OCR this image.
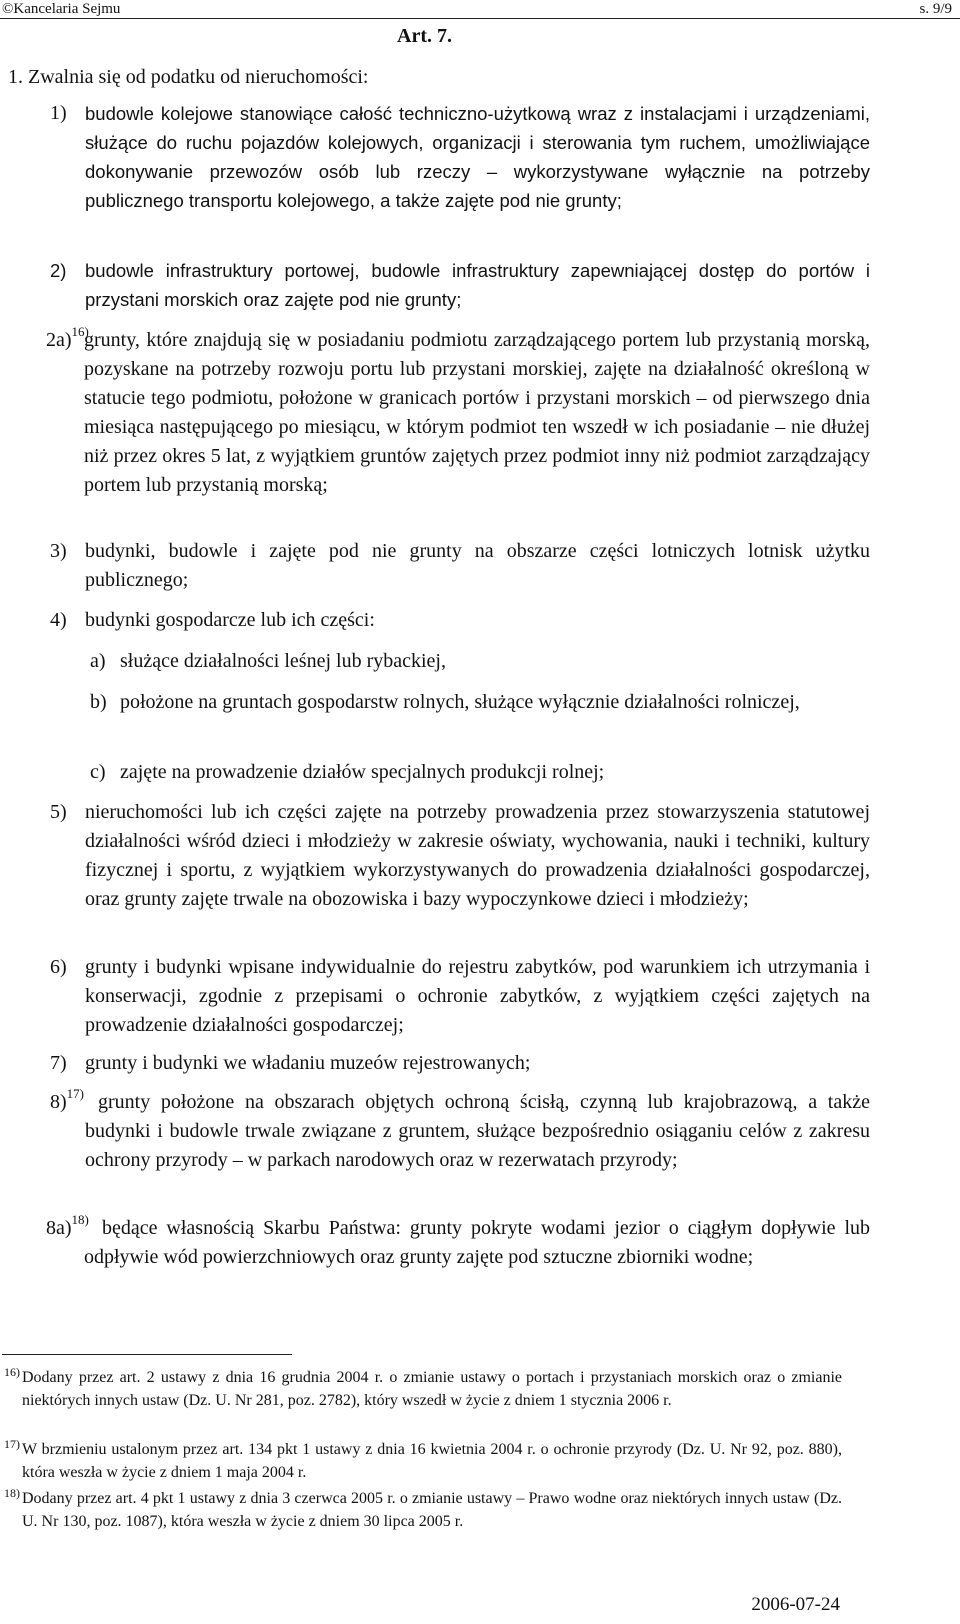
©Kancelaria Sejmu	s. 9/9
Art. 7.
1. Zwalnia się od podatku od nieruchomości:
1) budowle kolejowe stanowiące całość techniczno-użytkową wraz z instalacjami i urządzeniami, służące do ruchu pojazdów kolejowych, organizacji i sterowania tym ruchem, umożliwiające dokonywanie przewozów osób lub rzeczy – wykorzystywane wyłącznie na potrzeby publicznego transportu kolejowego, a także zajęte pod nie grunty;
2)	budowle infrastruktury portowej, budowle infrastruktury zapewniającej dostęp do portów i przystani morskich oraz zajęte pod nie grunty;
2a)$^{16)}$
grunty, które znajdują się w posiadaniu podmiotu zarządzającego portem lub przystanią morską, pozyskane na potrzeby rozwoju portu lub przystani morskiej, zajęte na działalność określoną w statucie tego podmiotu, położone w granicach portów i przystani morskich – od pierwszego dnia miesiąca następującego po miesiącu, w którym podmiot ten wszedł w ich posiadanie – nie dłużej niż przez okres 5 lat, z wyjątkiem gruntów zajętych przez podmiot inny niż podmiot zarządzający portem lub przystanią morską;
3) budynki, budowle i zajęte pod nie grunty na obszarze części lotniczych lotnisk użytku publicznego;
4) budynki gospodarcze lub ich części:
a) służące działalności leśnej lub rybackiej,
b) położone na gruntach gospodarstw rolnych, służące wyłącznie działalności rolniczej,
c) zajęte na prowadzenie działów specjalnych produkcji rolnej;
5) nieruchomości lub ich części zajęte na potrzeby prowadzenia przez stowarzyszenia statutowej działalności wśród dzieci i młodzieży w zakresie oświaty, wychowania, nauki i techniki, kultury fizycznej i sportu, z wyjątkiem wykorzystywanych do prowadzenia działalności gospodarczej, oraz grunty zajęte trwale na obozowiska i bazy wypoczynkowe dzieci i młodzieży;
6) grunty i budynki wpisane indywidualnie do rejestru zabytków, pod warunkiem ich utrzymania i konserwacji, zgodnie z przepisami o ochronie zabytków, z wyjątkiem części zajętych na prowadzenie działalności gospodarczej;
7) grunty i budynki we władaniu muzeów rejestrowanych;
8)$^{17)}$ grunty położone na obszarach objętych ochroną ścisłą, czynną lub krajobrazową, a także budynki i budowle trwale związane z gruntem, służące bezpośrednio osiąganiu celów z zakresu ochrony przyrody – w parkach narodowych oraz w rezerwatach przyrody;
8a)$^{18)}$ będące własnością Skarbu Państwa: grunty pokryte wodami jezior o ciągłym dopływie lub odpływie wód powierzchniowych oraz grunty zajęte pod sztuczne zbiorniki wodne;
16) Dodany przez art. 2 ustawy z dnia 16 grudnia 2004 r. o zmianie ustawy o portach i przystaniach morskich oraz o zmianie niektórych innych ustaw (Dz. U. Nr 281, poz. 2782), który wszedł w życie z dniem 1 stycznia 2006 r.
17) W brzmieniu ustalonym przez art. 134 pkt 1 ustawy z dnia 16 kwietnia 2004 r. o ochronie przyrody (Dz. U. Nr 92, poz. 880), która weszła w życie z dniem 1 maja 2004 r.
18) Dodany przez art. 4 pkt 1 ustawy z dnia 3 czerwca 2005 r. o zmianie ustawy – Prawo wodne oraz niektórych innych ustaw (Dz. U. Nr 130, poz. 1087), która weszła w życie z dniem 30 lipca 2005 r.
2006-07-24
